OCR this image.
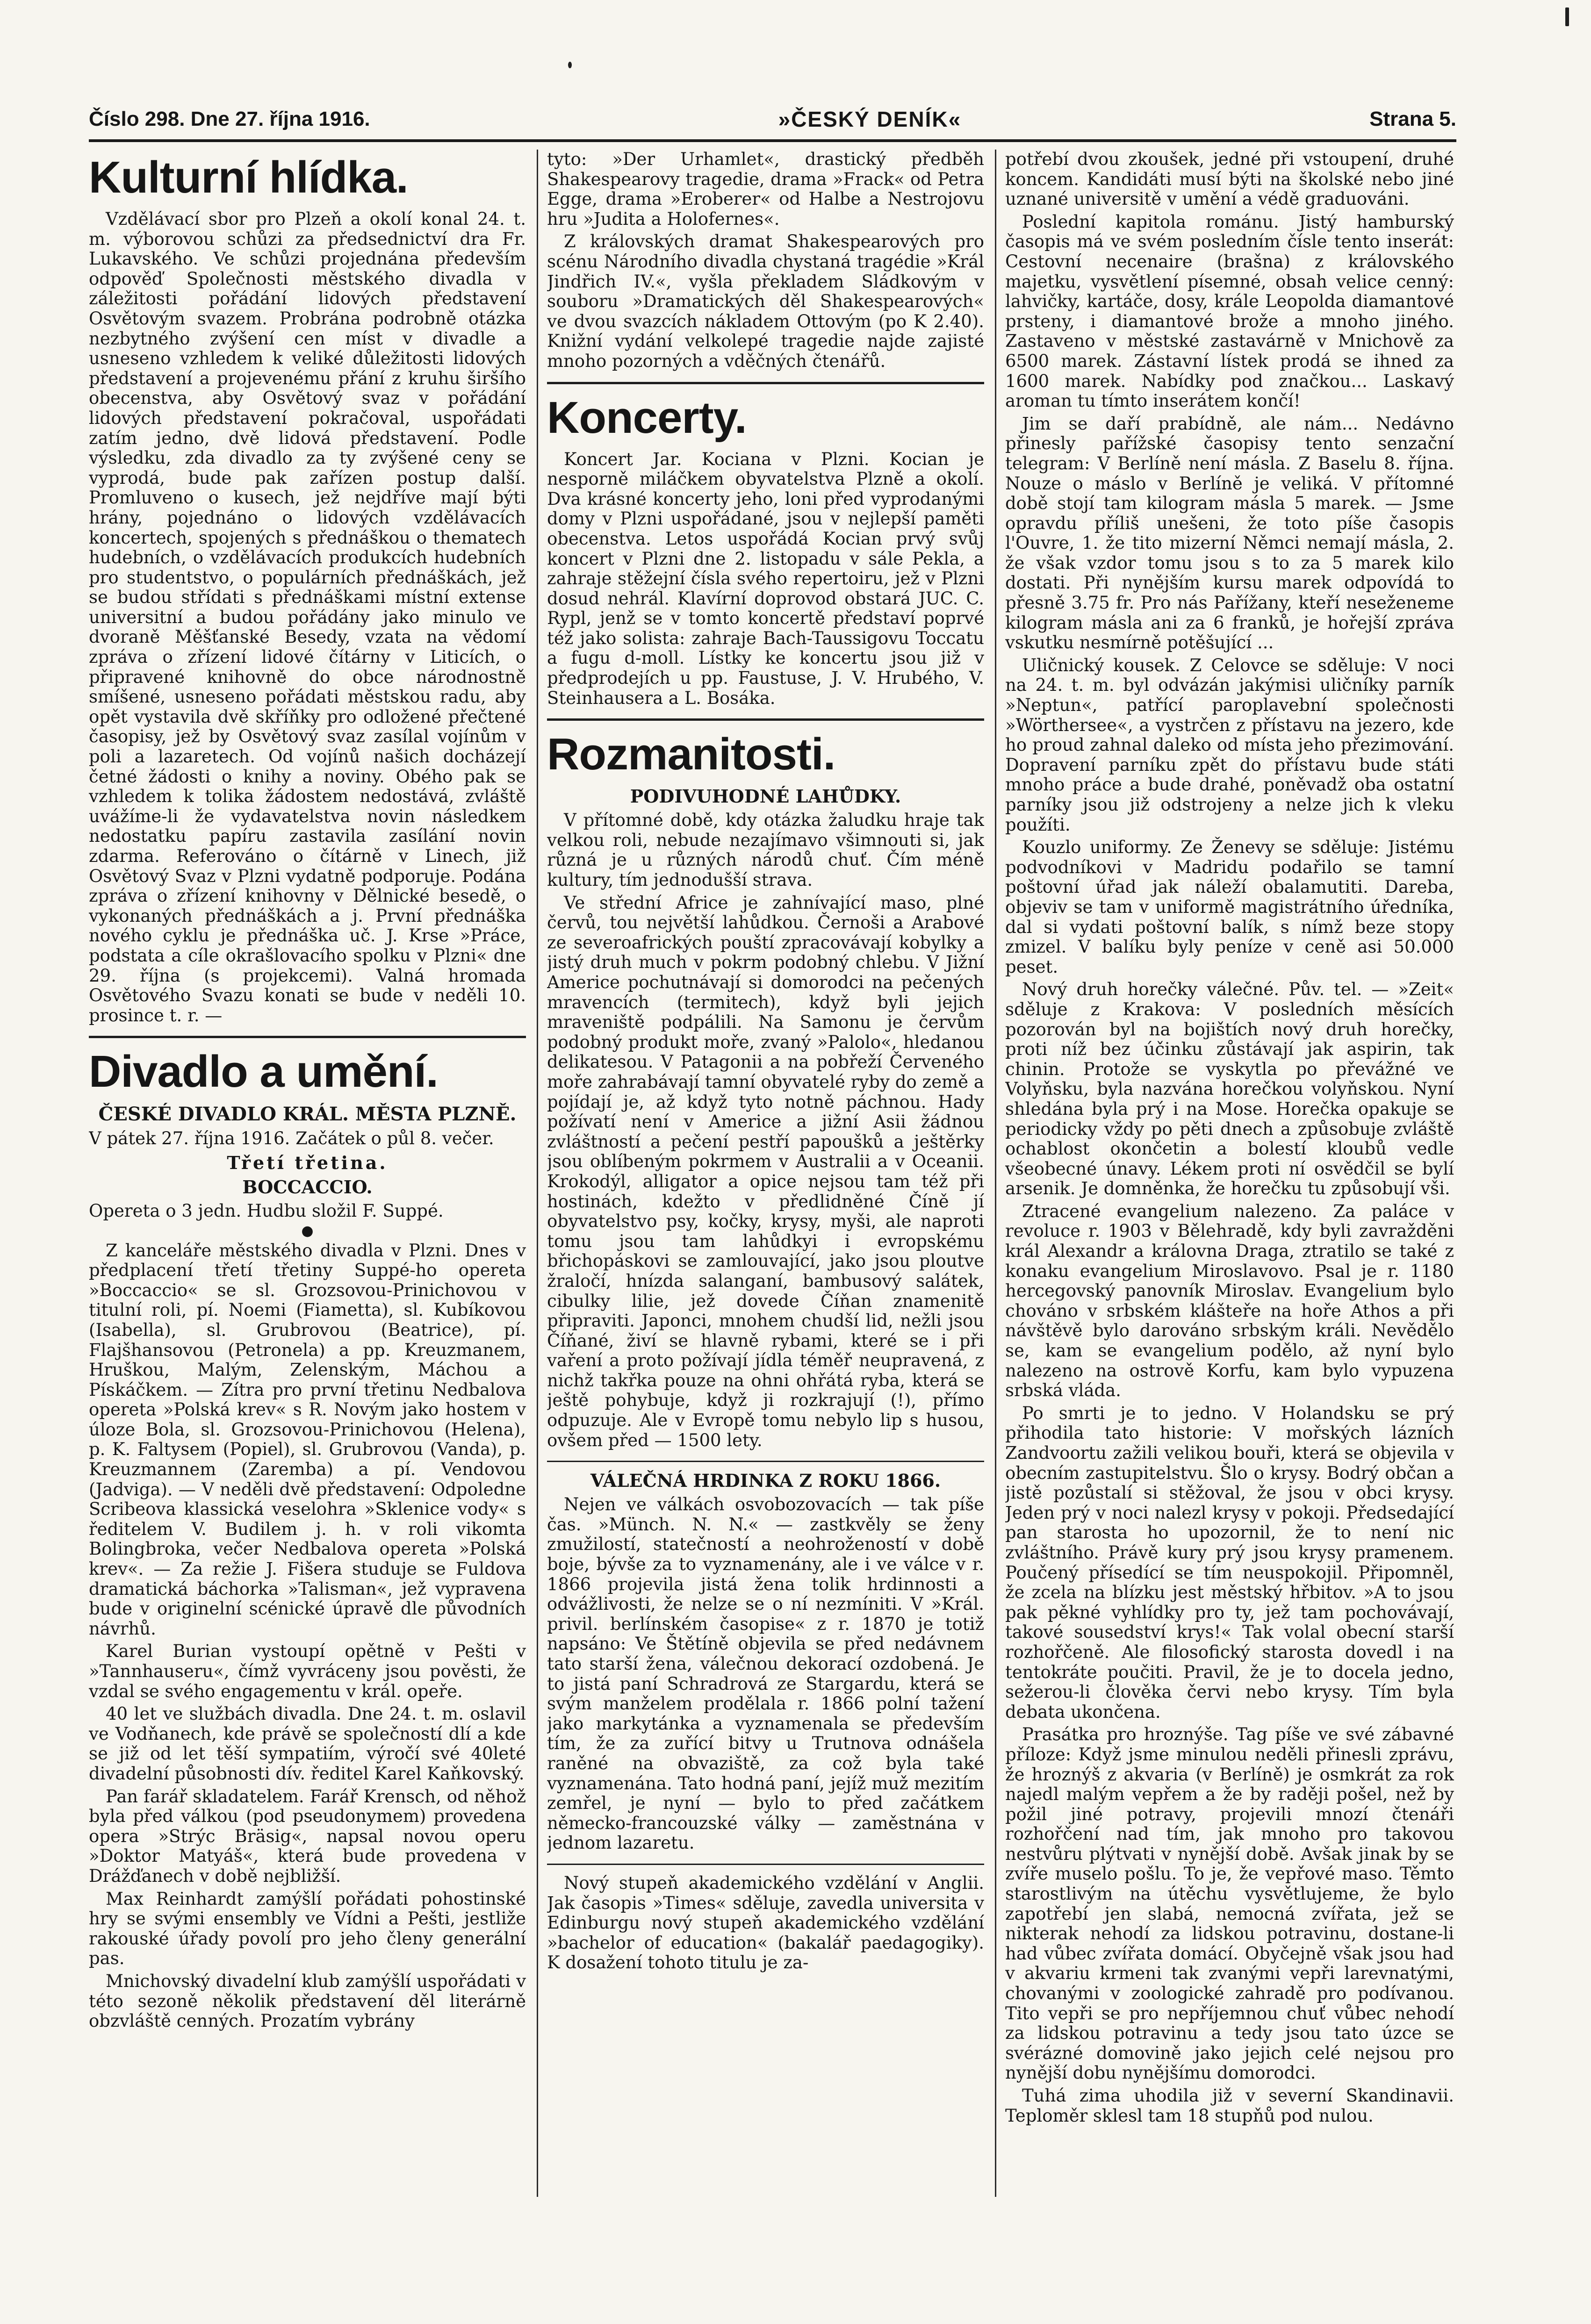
Číslo 298. Dne 27. října 1916.	»ČESKÝ DENÍK«	Strana 5.
Kulturní hlídka.

Vzdělávací sbor pro Plzeň a okolí konal 24. t. m. výborovou schůzi za předsednictví dra Fr. Lukavského. Ve schůzi projednána především odpověď Společnosti městského divadla v záležitosti pořádání lidových představení Osvětovým svazem. Probrána podrobně otázka nezbytného zvýšení cen míst v divadle a usneseno vzhledem k veliké důležitosti lidových představení a projevenému přání z kruhu širšího obecenstva, aby Osvětový svaz v pořádání lidových představení pokračoval, uspořádati zatím jedno, dvě lidová představení. Podle výsledku, zda divadlo za ty zvýšené ceny se vyprodá, bude pak zařízen postup další. Promluveno o kusech, jež nejdříve mají býti hrány, pojednáno o lidových vzdělávacích koncertech, spojených s přednáškou o thematech hudebních, o vzdělávacích produkcích hudebních pro studentstvo, o populárních přednáškách, jež se budou střídati s přednáškami místní extense universitní a budou pořádány jako minulo ve dvoraně Měšťanské Besedy, vzata na vědomí zpráva o zřízení lidové čítárny v Liticích, o připravené knihovně do obce národnostně smíšené, usneseno pořádati městskou radu, aby opět vystavila dvě skříňky pro odložené přečtené časopisy, jež by Osvětový svaz zasílal vojínům v poli a lazaretech. Od vojínů našich docházejí četné žádosti o knihy a noviny. Obého pak se vzhledem k tolika žádostem nedostává, zvláště uvážíme-li že vydavatelstva novin následkem nedostatku papíru zastavila zasílání novin zdarma. Referováno o čítárně v Linech, již Osvětový Svaz v Plzni vydatně podporuje. Podána zpráva o zřízení knihovny v Dělnické besedě, o vykonaných přednáškách a j. První přednáška nového cyklu je přednáška uč. J. Krse »Práce, podstata a cíle okrašlovacího spolku v Plzni« dne 29. října (s projekcemi). Valná hromada Osvětového Svazu konati se bude v neděli 10. prosince t. r. —

Divadlo a umění.
ČESKÉ DIVADLO KRÁL. MĚSTA PLZNĚ.

V pátek 27. října 1916. Začátek o půl 8. večer.

Třetí třetina.
BOCCACCIO.

Opereta o 3 jedn. Hudbu složil F. Suppé.

●

Z kanceláře městského divadla v Plzni. Dnes v předplacení třetí třetiny Suppé-ho opereta »Boccaccio« se sl. Grozsovou-Prinichovou v titulní roli, pí. Noemi (Fiametta), sl. Kubíkovou (Isabella), sl. Grubrovou (Beatrice), pí. Flajšhansovou (Petronela) a pp. Kreuzmanem, Hruškou, Malým, Zelenským, Máchou a Pískáčkem. — Zítra pro první třetinu Nedbalova opereta »Polská krev« s R. Novým jako hostem v úloze Bola, sl. Grozsovou-Prinichovou (Helena), p. K. Faltysem (Popiel), sl. Grubrovou (Vanda), p. Kreuzmannem (Zaremba) a pí. Vendovou (Jadviga). — V neděli dvě představení: Odpoledne Scribeova klassická veselohra »Sklenice vody« s ředitelem V. Budilem j. h. v roli vikomta Bolingbroka, večer Nedbalova opereta »Polská krev«. — Za režie J. Fišera studuje se Fuldova dramatická báchorka »Talisman«, jež vypravena bude v originelní scénické úpravě dle původních návrhů.

Karel Burian vystoupí opětně v Pešti v »Tannhauseru«, čímž vyvráceny jsou pověsti, že vzdal se svého engagementu v král. opeře.

40 let ve službách divadla. Dne 24. t. m. oslavil ve Vodňanech, kde právě se společností dlí a kde se již od let těší sympatiím, výročí své 40leté divadelní působnosti dív. ředitel Karel Kaňkovský.

Pan farář skladatelem. Farář Krensch, od něhož byla před válkou (pod pseudonymem) provedena opera »Strýc Bräsig«, napsal novou operu »Doktor Matyáš«, která bude provedena v Drážďanech v době nejbližší.

Max Reinhardt zamýšlí pořádati pohostinské hry se svými ensembly ve Vídni a Pešti, jestliže rakouské úřady povolí pro jeho členy generální pas.

Mnichovský divadelní klub zamýšlí uspořádati v této sezoně několik představení děl literárně obzvláště cenných. Prozatím vybrány

tyto: »Der Urhamlet«, drastický předběh Shakespearovy tragedie, drama »Frack« od Petra Egge, drama »Eroberer« od Halbe a Nestrojovu hru »Judita a Holofernes«.

Z královských dramat Shakespearových pro scénu Národního divadla chystaná tragédie »Král Jindřich IV.«, vyšla překladem Sládkovým v souboru »Dramatických děl Shakespearových« ve dvou svazcích nákladem Ottovým (po K 2.40). Knižní vydání velkolepé tragedie najde zajisté mnoho pozorných a vděčných čtenářů.

Koncerty.

Koncert Jar. Kociana v Plzni. Kocian je nesporně miláčkem obyvatelstva Plzně a okolí. Dva krásné koncerty jeho, loni před vyprodanými domy v Plzni uspořádané, jsou v nejlepší paměti obecenstva. Letos uspořádá Kocian prvý svůj koncert v Plzni dne 2. listopadu v sále Pekla, a zahraje stěžejní čísla svého repertoiru, jež v Plzni dosud nehrál. Klavírní doprovod obstará JUC. C. Rypl, jenž se v tomto koncertě představí poprvé též jako solista: zahraje Bach-Taussigovu Toccatu a fugu d-moll. Lístky ke koncertu jsou již v předprodejích u pp. Faustuse, J. V. Hrubého, V. Steinhausera a L. Bosáka.

Rozmanitosti.
PODIVUHODNÉ LAHŮDKY.

V přítomné době, kdy otázka žaludku hraje tak velkou roli, nebude nezajímavo všimnouti si, jak různá je u různých národů chuť. Čím méně kultury, tím jednodušší strava.

Ve střední Africe je zahnívající maso, plné červů, tou největší lahůdkou. Černoši a Arabové ze severoafrických pouští zpracovávají kobylky a jistý druh much v pokrm podobný chlebu. V Jižní Americe pochutnávají si domorodci na pečených mravencích (termitech), když byli jejich mraveniště podpálili. Na Samonu je červům podobný produkt moře, zvaný »Palolo«, hledanou delikatesou. V Patagonii a na pobřeží Červeného moře zahrabávají tamní obyvatelé ryby do země a pojídají je, až když tyto notně páchnou. Hady požívatí není v Americe a jižní Asii žádnou zvláštností a pečení pestří papoušků a ještěrky jsou oblíbeným pokrmem v Australii a v Oceanii. Krokodýl, alligator a opice nejsou tam též při hostinách, kdežto v předlidněné Číně jí obyvatelstvo psy, kočky, krysy, myši, ale naproti tomu jsou tam lahůdkyi i evropskému břichopáskovi se zamlouvající, jako jsou ploutve žraločí, hnízda salanganí, bambusový salátek, cibulky lilie, jež dovede Číňan znamenitě připraviti. Japonci, mnohem chudší lid, nežli jsou Číňané, živí se hlavně rybami, které se i při vaření a proto požívají jídla téměř neupravená, z nichž takřka pouze na ohni ohřátá ryba, která se ještě pohybuje, když ji rozkrajují (!), přímo odpuzuje. Ale v Evropě tomu nebylo lip s husou, ovšem před — 1500 lety.

VÁLEČNÁ HRDINKA Z ROKU 1866.

Nejen ve válkách osvobozovacích — tak píše čas. »Münch. N. N.« — zastkvěly se ženy zmužilostí, statečností a neohrožeností v době boje, bývše za to vyznamenány, ale i ve válce v r. 1866 projevila jistá žena tolik hrdinnosti a odvážlivosti, že nelze se o ní nezmíniti. V »Král. privil. berlínském časopise« z r. 1870 je totiž napsáno: Ve Štětíně objevila se před nedávnem tato starší žena, válečnou dekorací ozdobená. Je to jistá paní Schradrová ze Stargardu, která se svým manželem prodělala r. 1866 polní tažení jako markytánka a vyznamenala se především tím, že za zuřící bitvy u Trutnova odnášela raněné na obvaziště, za což byla také vyznamenána. Tato hodná paní, jejíž muž mezitím zemřel, je nyní — bylo to před začátkem německo-francouzské války — zaměstnána v jednom lazaretu.

Nový stupeň akademického vzdělání v Anglii. Jak časopis »Times« sděluje, zavedla universita v Edinburgu nový stupeň akademického vzdělání »bachelor of education« (bakalář paedagogiky). K dosažení tohoto titulu je za-

potřebí dvou zkoušek, jedné při vstoupení, druhé koncem. Kandidáti musí býti na školské nebo jiné uznané universitě v umění a védě graduováni.

Poslední kapitola románu. Jistý hamburský časopis má ve svém posledním čísle tento inserát: Cestovní necenaire (brašna) z královského majetku, vysvětlení písemné, obsah velice cenný: lahvičky, kartáče, dosy, krále Leopolda diamantové prsteny, i diamantové brože a mnoho jiného. Zastaveno v městské zastavárně v Mnichově za 6500 marek. Zástavní lístek prodá se ihned za 1600 marek. Nabídky pod značkou... Laskavý aroman tu tímto inserátem končí!

Jim se daří prabídně, ale nám... Nedávno přinesly pařížské časopisy tento senzační telegram: V Berlíně není másla. Z Baselu 8. října. Nouze o máslo v Berlíně je veliká. V přítomné době stojí tam kilogram másla 5 marek. — Jsme opravdu příliš unešeni, že toto píše časopis l'Ouvre, 1. že tito mizerní Němci nemají másla, 2. že však vzdor tomu jsou s to za 5 marek kilo dostati. Při nynějším kursu marek odpovídá to přesně 3.75 fr. Pro nás Pařížany, kteří neseženeme kilogram másla ani za 6 franků, je hořejší zpráva vskutku nesmírně potěšující ...

Uličnický kousek. Z Celovce se sděluje: V noci na 24. t. m. byl odvázán jakýmisi uličníky parník »Neptun«, patřící paroplavební společnosti »Wörthersee«, a vystrčen z přístavu na jezero, kde ho proud zahnal daleko od místa jeho přezimování. Dopravení parníku zpět do přístavu bude státi mnoho práce a bude drahé, poněvadž oba ostatní parníky jsou již odstrojeny a nelze jich k vleku použíti.

Kouzlo uniformy. Ze Ženevy se sděluje: Jistému podvodníkovi v Madridu podařilo se tamní poštovní úřad jak náleží obalamutiti. Dareba, objeviv se tam v uniformě magistrátního úředníka, dal si vydati poštovní balík, s nímž beze stopy zmizel. V balíku byly peníze v ceně asi 50.000 peset.

Nový druh horečky válečné. Pův. tel. — »Zeit« sděluje z Krakova: V posledních měsících pozorován byl na bojištích nový druh horečky, proti níž bez účinku zůstávají jak aspirin, tak chinin. Protože se vyskytla po převážné ve Volyňsku, byla nazvána horečkou volyňskou. Nyní shledána byla prý i na Mose. Horečka opakuje se periodicky vždy po pěti dnech a způsobuje zvláště ochablost okončetin a bolestí kloubů vedle všeobecné únavy. Lékem proti ní osvědčil se bylí arsenik. Je domněnka, že horečku tu způsobují vši.

Ztracené evangelium nalezeno. Za paláce v revoluce r. 1903 v Bělehradě, kdy byli zavražděni král Alexandr a královna Draga, ztratilo se také z konaku evangelium Miroslavovo. Psal je r. 1180 hercegovský panovník Miroslav. Evangelium bylo chováno v srbském klášteře na hoře Athos a při návštěvě bylo darováno srbským králi. Nevědělo se, kam se evangelium podělo, až nyní bylo nalezeno na ostrově Korfu, kam bylo vypuzena srbská vláda.

Po smrti je to jedno. V Holandsku se prý přihodila tato historie: V mořských lázních Zandvoortu zažili velikou bouři, která se objevila v obecním zastupitelstvu. Šlo o krysy. Bodrý občan a jistě pozůstalí si stěžoval, že jsou v obci krysy. Jeden prý v noci nalezl krysy v pokoji. Předsedající pan starosta ho upozornil, že to není nic zvláštního. Právě kury prý jsou krysy pramenem. Poučený přísedící se tím neuspokojil. Připomněl, že zcela na blízku jest městský hřbitov. »A to jsou pak pěkné vyhlídky pro ty, jež tam pochovávají, takové sousedství krys!« Tak volal obecní starší rozhořčeně. Ale filosofický starosta dovedl i na tentokráte poučiti. Pravil, že je to docela jedno, sežerou-li člověka červi nebo krysy. Tím byla debata ukončena.

Prasátka pro hroznýše. Tag píše ve své zábavné příloze: Když jsme minulou neděli přinesli zprávu, že hroznýš z akvaria (v Berlíně) je osmkrát za rok najedl malým vepřem a že by raději pošel, než by požil jiné potravy, projevili mnozí čtenáři rozhořčení nad tím, jak mnoho pro takovou nestvůru plýtvati v nynější době. Avšak jinak by se zvíře muselo pošlu. To je, že vepřové maso. Těmto starostlivým na útěchu vysvětlujeme, že bylo zapotřebí jen slabá, nemocná zvířata, jež se nikterak nehodí za lidskou potravinu, dostane-li had vůbec zvířata domácí. Obyčejně však jsou had v akvariu krmeni tak zvanými vepři larevnatými, chovanými v zoologické zahradě pro podívanou. Tito vepři se pro nepříjemnou chuť vůbec nehodí za lidskou potravinu a tedy jsou tato úzce se svérázné domovině jako jejich celé nejsou pro nynější dobu nynějšímu domorodci.

Tuhá zima uhodila již v severní Skandinavii. Teploměr sklesl tam 18 stupňů pod nulou.
